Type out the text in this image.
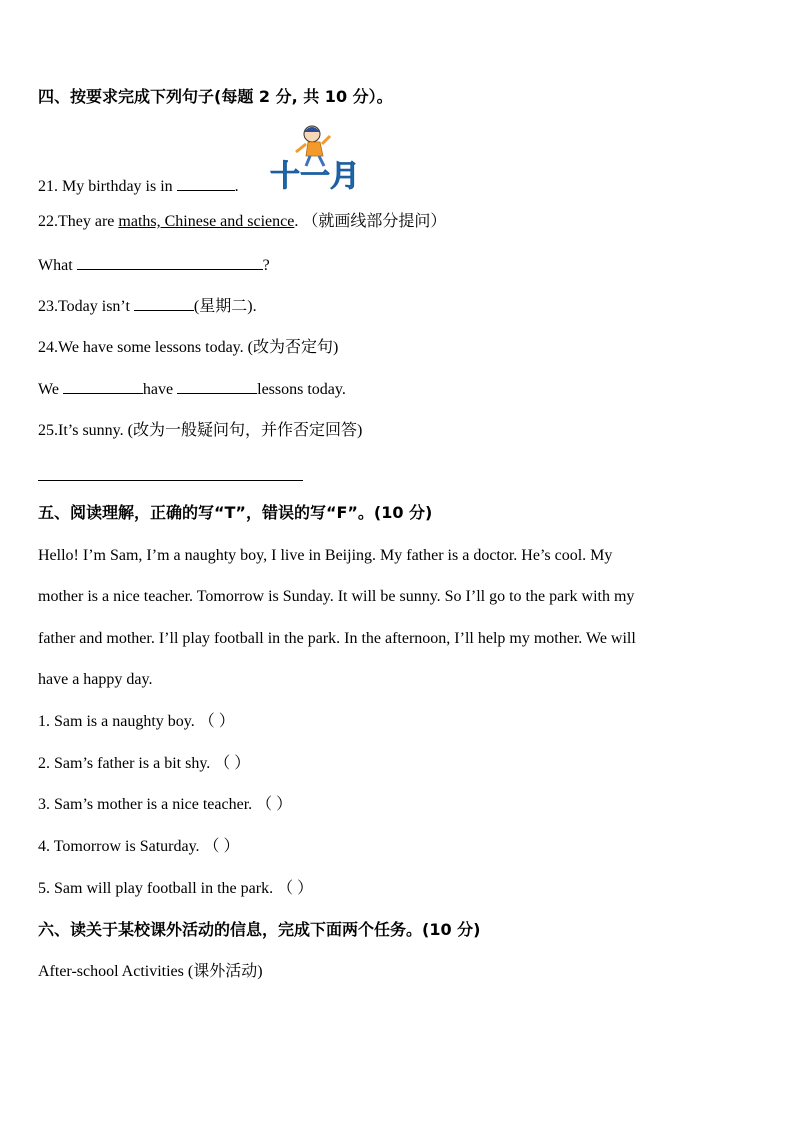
四、按要求完成下列句子(每题 2 分, 共 10 分）。
21. My birthday is in	. 十一月
22.They are maths, Chinese and science. （就画线部分提问）
What	?
23.Today isn’t	(星期二).
24.We have some lessons today. (改为否定句)
We	have	lessons today.
25.It’s sunny. (改为一般疑问句，并作否定回答)
五、阅读理解，正确的写“T”，错误的写“F”。(10 分)
Hello! I’m Sam, I’m a naughty boy, I live in Beijing. My father is a doctor. He’s cool. My
mother is a nice teacher. Tomorrow is Sunday. It will be sunny. So I’ll go to the park with my
father and mother. I’ll play football in the park. In the afternoon, I’ll help my mother. We will
have a happy day.
1. Sam is a naughty boy. （ ）
2. Sam’s father is a bit shy. （ ）
3. Sam’s mother is a nice teacher. （ ）
4. Tomorrow is Saturday. （ ）
5. Sam will play football in the park. （ ）
六、读关于某校课外活动的信息，完成下面两个任务。(10 分)
After-school Activities (课外活动)
